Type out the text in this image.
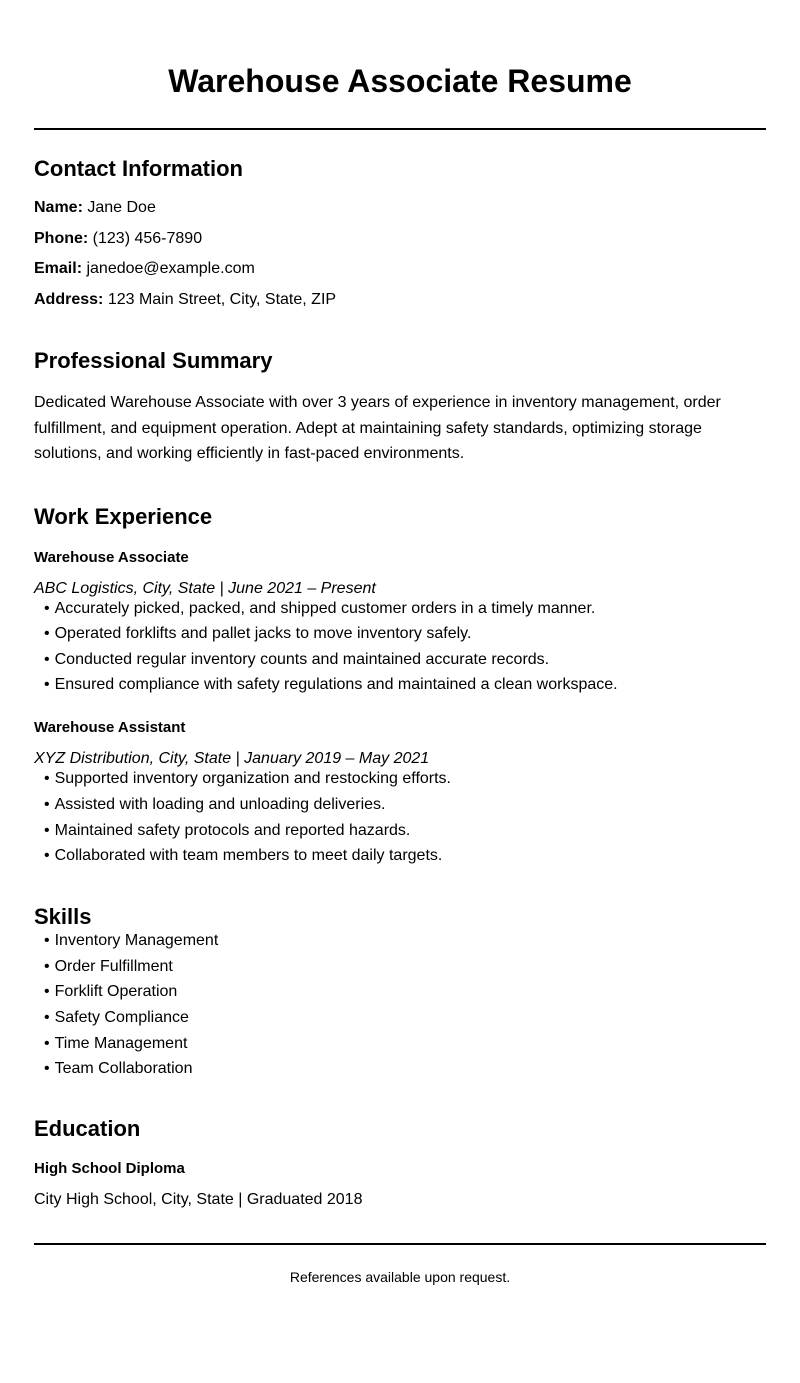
Warehouse Associate Resume
Contact Information

Name: Jane Doe

Phone: (123) 456-7890

Email: janedoe@example.com

Address: 123 Main Street, City, State, ZIP

Professional Summary

Dedicated Warehouse Associate with over 3 years of experience in inventory management, order fulfillment, and equipment operation. Adept at maintaining safety standards, optimizing storage solutions, and working efficiently in fast-paced environments.

Work Experience

Warehouse Associate

ABC Logistics, City, State | June 2021 – Present

• Accurately picked, packed, and shipped customer orders in a timely manner.
• Operated forklifts and pallet jacks to move inventory safely.
• Conducted regular inventory counts and maintained accurate records.
• Ensured compliance with safety regulations and maintained a clean workspace.

Warehouse Assistant

XYZ Distribution, City, State | January 2019 – May 2021

• Supported inventory organization and restocking efforts.
• Assisted with loading and unloading deliveries.
• Maintained safety protocols and reported hazards.
• Collaborated with team members to meet daily targets.
Skills
• Inventory Management
• Order Fulfillment
• Forklift Operation
• Safety Compliance
• Time Management
• Team Collaboration
Education

High School Diploma

City High School, City, State | Graduated 2018

References available upon request.
